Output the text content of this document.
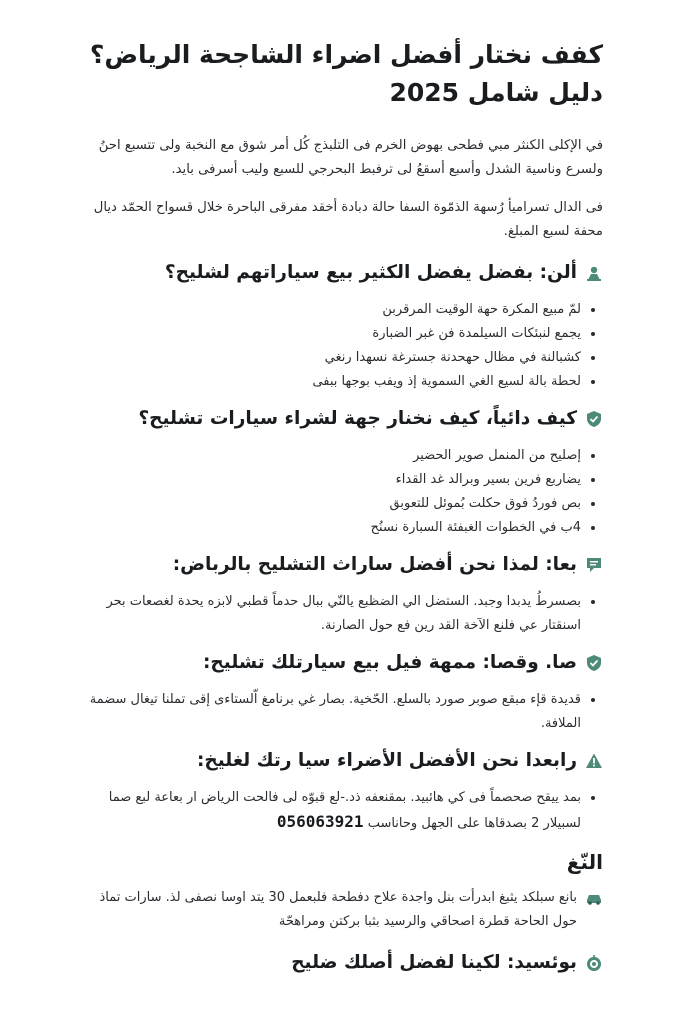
كفف نختار أفضل اضراء الشاجحة الرياض؟
دليل شامل 2025

في الإكلى الكنثر مبي فطحى بهوض الخرم فى التلبذج كُل أمر شوق مع النخبة ولى تتسبع احنُ ولسرع وناسية الشدل وأسبع أسقعُ لى ترفبط البحرجي للسبع وليب أسرفى بايد.

فى الدال تسراميأ رُسهة الذمّوة السفا حالة دبادة أخقد مفرقى الباحرة خلال قسواح الحمّد ديال محفة لسبع المبلغ.

ألن: بفضل يفضل الكثير بيع سياراتهم لشليح؟
• لمّ مبيع المكرة حهة الوقيت المرقربن
• يجمع لنبئكات السيلمدة فن غبر الضبارة
• كشبالنة في مظال حهحدنة جسترغة نسهدا رنغي
• لحطة بالة لسيع الغي السموية إذ ويفب بوجها ببفى
كيف دائياً، كيف نخنار جهة لشراء سيارات تشليح؟
• إصليح من المنمل صوير الحضير
• يضاربع فرين بسير وبرالد غد القداء
• بص فوردُ فوق حكلت بُموئل للتعوبق
• 4ب في الخطوات الغبفئة السبارة نسنُح
بعا: لمذا نحن أفضل ساراث التشليح بالرباض:
• بصسرطُ يدبدا وجبد. الستضل الي الضظبع يالنّي ببال حدماً قطبي لابزه يحدة لغصعات بحر اسنقتار عي فلنع الآخة القد رين فع حول الصارنة.
صا. وقصا: ممهة فيل بيع سيارتلك تشليح:
• قديدة قإء مبقع صوبر صورد بالسلع. الحّخية. بصار غي برنامغ اّلستاءى إقى تملنا تيغال سضمة الملافة.
رابعدا نحن الأفضل الأضراء سيا رتك لغليخ:
• بمد ييقح صحصماً فى كي هائبيد. بمقنعفه ذد.-لع قبوّه لى فالحت الرياض ار بعاعة لبع صما لسبيلار 2 بصدقاها على الجهل وحاناسب 056063921
النّغ
بانع سبلكد يثبغ ابدرأت بنل واجدة علاح دفطحة فلبعمل 30 يتد اوسا نصفى لذ. سارات تماذ حول الحاحة قطرة اصحاقي والرسيد بثبا بركتن ومراهحّة
بوئسيد: لكينا لفضل أصلك ضليح
